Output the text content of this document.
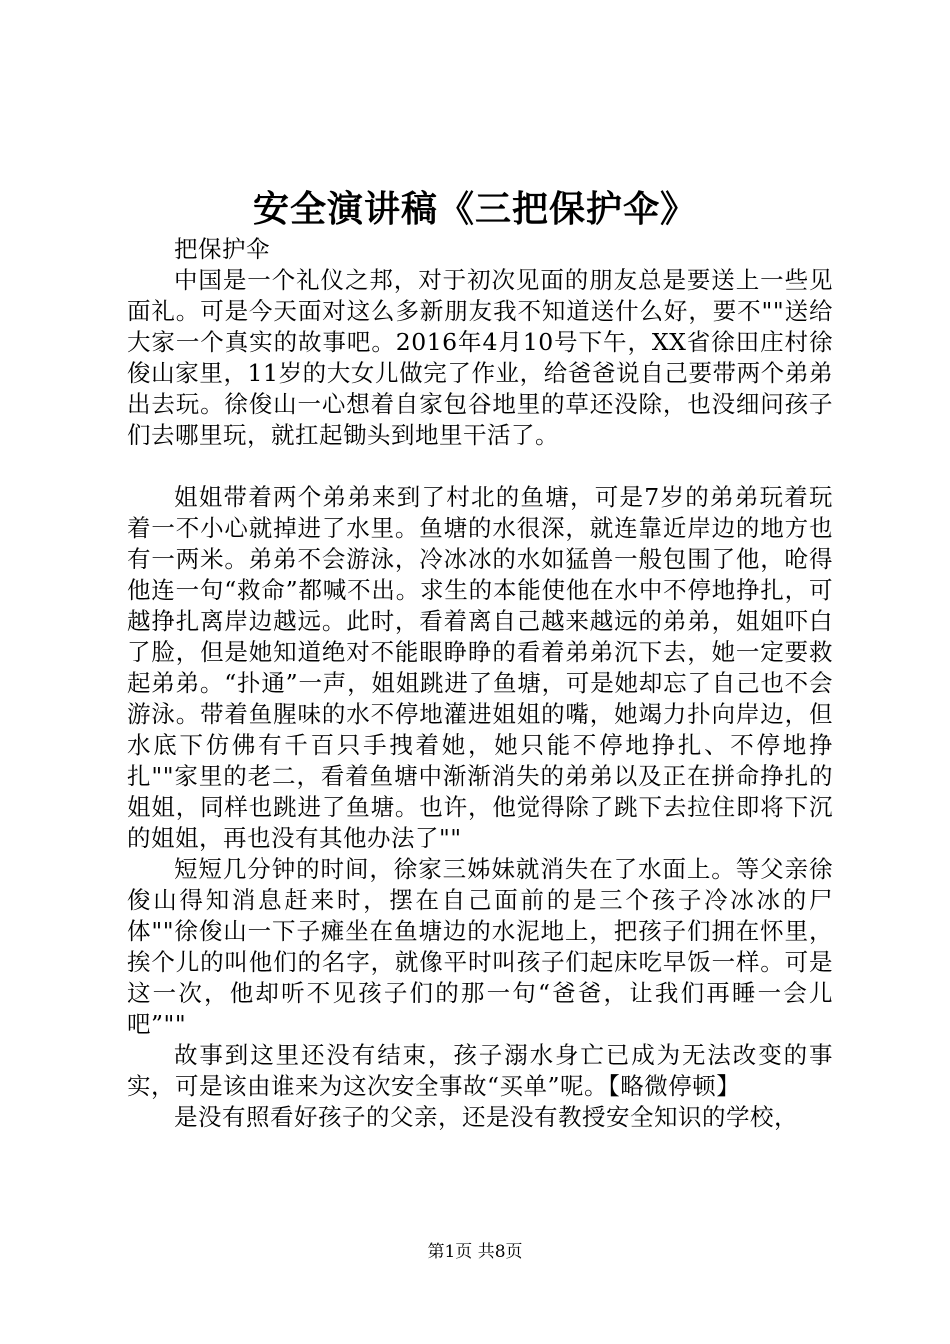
安全演讲稿《三把保护伞》

把保护伞

中国是一个礼仪之邦，对于初次见面的朋友总是要送上一些见面礼。可是今天面对这么多新朋友我不知道送什么好，要不""送给大家一个真实的故事吧。2016年4月10号下午，XX省徐田庄村徐俊山家里，11岁的大女儿做完了作业，给爸爸说自己要带两个弟弟出去玩。徐俊山一心想着自家包谷地里的草还没除，也没细问孩子们去哪里玩，就扛起锄头到地里干活了。

姐姐带着两个弟弟来到了村北的鱼塘，可是7岁的弟弟玩着玩着一不小心就掉进了水里。鱼塘的水很深，就连靠近岸边的地方也有一两米。弟弟不会游泳，冷冰冰的水如猛兽一般包围了他，呛得他连一句“救命”都喊不出。求生的本能使他在水中不停地挣扎，可越挣扎离岸边越远。此时，看着离自己越来越远的弟弟，姐姐吓白了脸，但是她知道绝对不能眼睁睁的看着弟弟沉下去，她一定要救起弟弟。“扑通”一声，姐姐跳进了鱼塘，可是她却忘了自己也不会游泳。带着鱼腥味的水不停地灌进姐姐的嘴，她竭力扑向岸边，但水底下仿佛有千百只手拽着她，她只能不停地挣扎、不停地挣扎""家里的老二，看着鱼塘中渐渐消失的弟弟以及正在拼命挣扎的姐姐，同样也跳进了鱼塘。也许，他觉得除了跳下去拉住即将下沉的姐姐，再也没有其他办法了""

短短几分钟的时间，徐家三姊妹就消失在了水面上。等父亲徐俊山得知消息赶来时，摆在自己面前的是三个孩子冷冰冰的尸体""徐俊山一下子瘫坐在鱼塘边的水泥地上，把孩子们拥在怀里，挨个儿的叫他们的名字，就像平时叫孩子们起床吃早饭一样。可是这一次，他却听不见孩子们的那一句“爸爸，让我们再睡一会儿吧”""

故事到这里还没有结束，孩子溺水身亡已成为无法改变的事实，可是该由谁来为这次安全事故“买单”呢。【略微停顿】

是没有照看好孩子的父亲，还是没有教授安全知识的学校，

第1页 共8页
